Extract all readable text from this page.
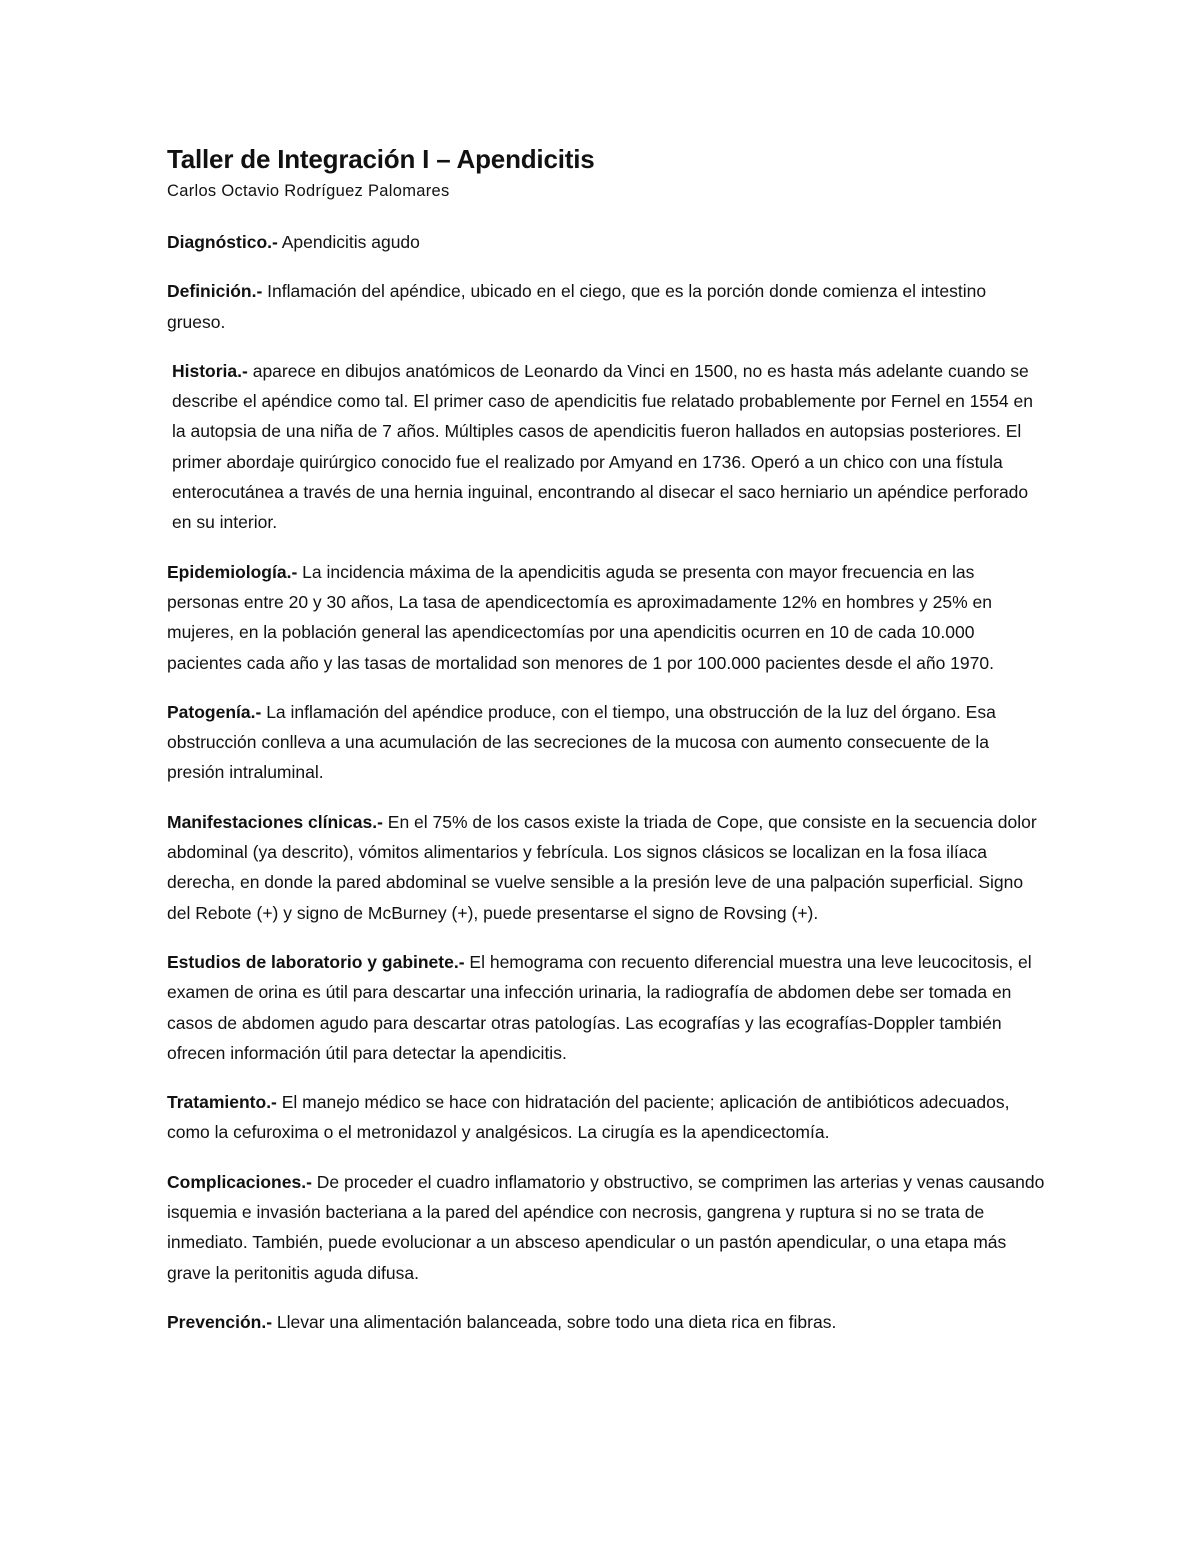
Taller de Integración I – Apendicitis

Carlos Octavio Rodríguez Palomares

Diagnóstico.- Apendicitis agudo

Definición.- Inflamación del apéndice, ubicado en el ciego, que es la porción donde comienza el intestino grueso.

Historia.- aparece en dibujos anatómicos de Leonardo da Vinci en 1500, no es hasta más adelante cuando se describe el apéndice como tal. El primer caso de apendicitis fue relatado probablemente por Fernel en 1554 en la autopsia de una niña de 7 años. Múltiples casos de apendicitis fueron hallados en autopsias posteriores. El primer abordaje quirúrgico conocido fue el realizado por Amyand en 1736. Operó a un chico con una fístula enterocutánea a través de una hernia inguinal, encontrando al disecar el saco herniario un apéndice perforado en su interior.

Epidemiología.- La incidencia máxima de la apendicitis aguda se presenta con mayor frecuencia en las personas entre 20 y 30 años, La tasa de apendicectomía es aproximadamente 12% en hombres y 25% en mujeres, en la población general las apendicectomías por una apendicitis ocurren en 10 de cada 10.000 pacientes cada año y las tasas de mortalidad son menores de 1 por 100.000 pacientes desde el año 1970.

Patogenía.- La inflamación del apéndice produce, con el tiempo, una obstrucción de la luz del órgano. Esa obstrucción conlleva a una acumulación de las secreciones de la mucosa con aumento consecuente de la presión intraluminal.

Manifestaciones clínicas.- En el 75% de los casos existe la triada de Cope, que consiste en la secuencia dolor abdominal (ya descrito), vómitos alimentarios y febrícula. Los signos clásicos se localizan en la fosa ilíaca derecha, en donde la pared abdominal se vuelve sensible a la presión leve de una palpación superficial. Signo del Rebote (+) y signo de McBurney (+), puede presentarse el signo de Rovsing (+).

Estudios de laboratorio y gabinete.- El hemograma con recuento diferencial muestra una leve leucocitosis, el examen de orina es útil para descartar una infección urinaria, la radiografía de abdomen debe ser tomada en casos de abdomen agudo para descartar otras patologías. Las ecografías y las ecografías-Doppler también ofrecen información útil para detectar la apendicitis.

Tratamiento.- El manejo médico se hace con hidratación del paciente; aplicación de antibióticos adecuados, como la cefuroxima o el metronidazol y analgésicos. La cirugía es la apendicectomía.

Complicaciones.- De proceder el cuadro inflamatorio y obstructivo, se comprimen las arterias y venas causando isquemia e invasión bacteriana a la pared del apéndice con necrosis, gangrena y ruptura si no se trata de inmediato. También, puede evolucionar a un absceso apendicular o un pastón apendicular, o una etapa más grave la peritonitis aguda difusa.

Prevención.- Llevar una alimentación balanceada, sobre todo una dieta rica en fibras.
